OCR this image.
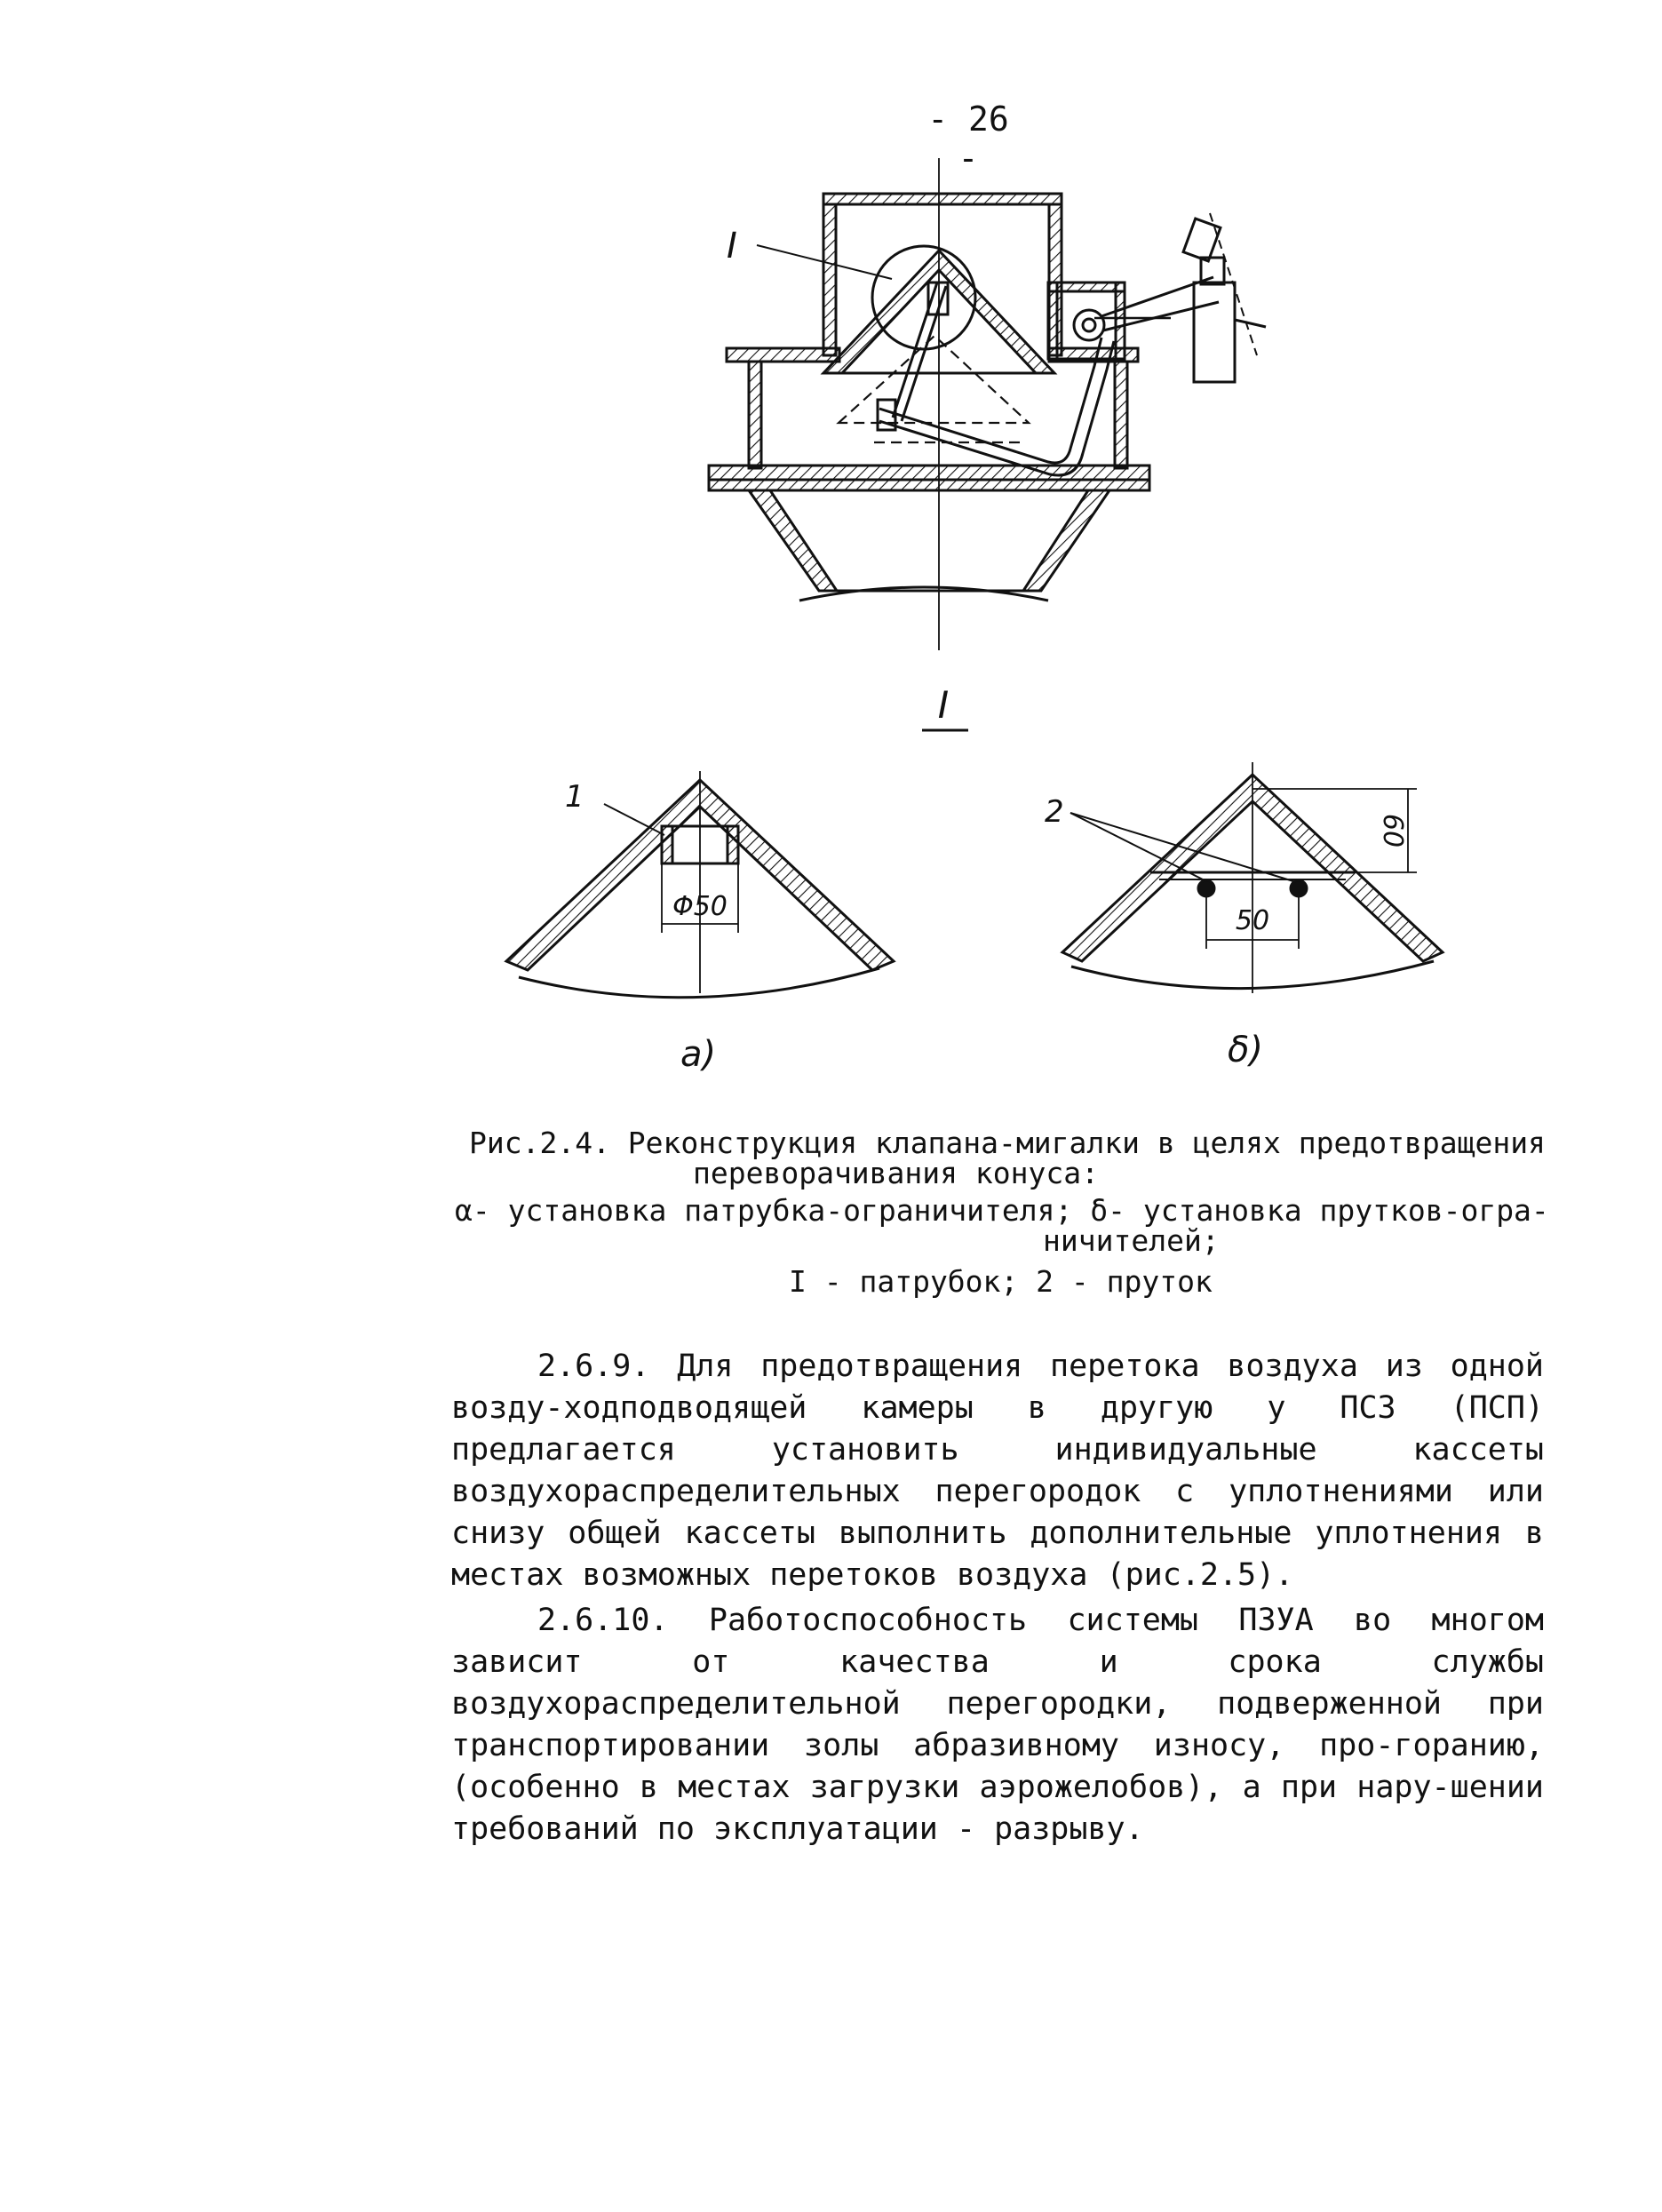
- 26 -
I
I
1
Φ50
a)
2
60
50
δ)
Рис.2.4. Реконструкция клапана-мигалки в целях предотвращения
переворачивания конуса:
α- установка патрубка-ограничителя; δ- установка прутков-огра-
ничителей;
I - патрубок; 2 - пруток

2.6.9. Для предотвращения перетока воздуха из одной возду-ходподводящей камеры в другую у ПСЗ (ПСП) предлагается установить индивидуальные кассеты воздухораспределительных перегородок с уплотнениями или снизу общей кассеты выполнить дополнительные уплотнения в местах возможных перетоков воздуха (рис.2.5).

2.6.10. Работоспособность системы ПЗУА во многом зависит от качества и срока службы воздухораспределительной перегородки, подверженной при транспортировании золы абразивному износу, про-горанию, (особенно в местах загрузки аэрожелобов), а при нару-шении требований по эксплуатации - разрыву.
